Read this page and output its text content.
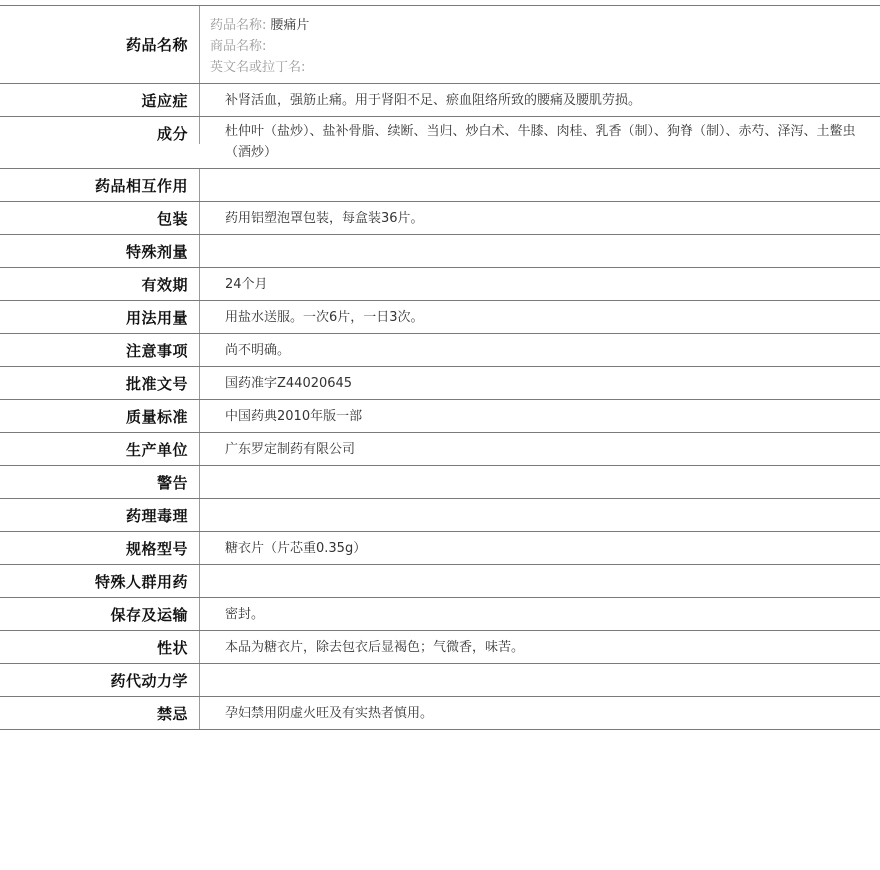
药品名称
药品名称: 腰痛片
商品名称:
英文名或拉丁名:
适应症	补肾活血，强筋止痛。用于肾阳不足、瘀血阻络所致的腰痛及腰肌劳损。
成分	杜仲叶（盐炒）、盐补骨脂、续断、当归、炒白术、牛膝、肉桂、乳香（制）、狗脊（制）、赤芍、泽泻、土鳖虫（酒炒）
药品相互作用
包装	药用铝塑泡罩包装，每盒装36片。
特殊剂量
有效期	24个月
用法用量	用盐水送服。一次6片，一日3次。
注意事项	尚不明确。
批准文号	国药准字Z44020645
质量标准	中国药典2010年版一部
生产单位	广东罗定制药有限公司
警告
药理毒理
规格型号	糖衣片（片芯重0.35g）
特殊人群用药
保存及运输	密封。
性状	本品为糖衣片，除去包衣后显褐色；气微香，味苦。
药代动力学
禁忌	孕妇禁用阴虚火旺及有实热者慎用。
